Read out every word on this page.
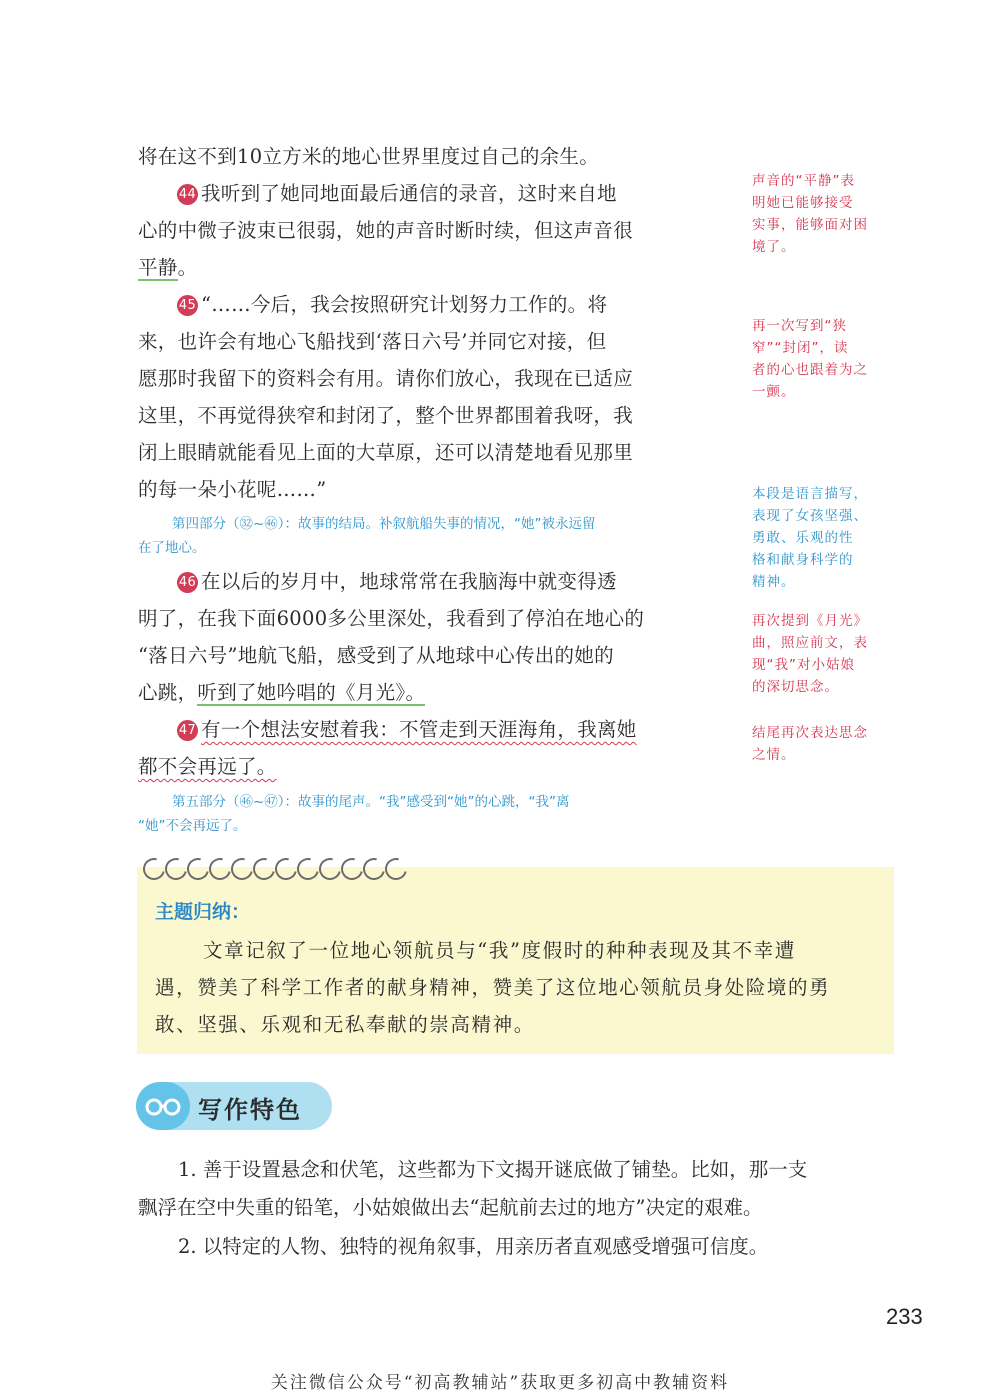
将在这不到10立方米的地心世界里度过自己的余生。
44 我听到了她同地面最后通信的录音，这时来自地
心的中微子波束已很弱，她的声音时断时续，但这声音很
平静。
45 “……今后，我会按照研究计划努力工作的。将
来，也许会有地心飞船找到‘落日六号’并同它对接，但
愿那时我留下的资料会有用。请你们放心，我现在已适应
这里，不再觉得狭窄和封闭了，整个世界都围着我呀，我
闭上眼睛就能看见上面的大草原，还可以清楚地看见那里
的每一朵小花呢……”
第四部分（㉜~㊻）：故事的结局。补叙航船失事的情况，“她”被永远留
在了地心。
46 在以后的岁月中，地球常常在我脑海中就变得透
明了，在我下面6000多公里深处，我看到了停泊在地心的
“落日六号”地航飞船，感受到了从地球中心传出的她的
心跳，听到了她吟唱的《月光》。
47 有一个想法安慰着我：不管走到天涯海角，我离她
都不会再远了。
第五部分（㊻~㊼）：故事的尾声。“我”感受到“她”的心跳，“我”离
“她”不会再远了。
声音的“平静”表
明她已能够接受
实事，能够面对困
境了。
再一次写到“狭
窄”“封闭”，读
者的心也跟着为之
一颤。
本段是语言描写，
表现了女孩坚强、
勇敢、乐观的性
格和献身科学的
精神。
再次提到《月光》
曲，照应前文，表
现“我”对小姑娘
的深切思念。
结尾再次表达思念
之情。
主题归纳：
文章记叙了一位地心领航员与“我”度假时的种种表现及其不幸遭
遇，赞美了科学工作者的献身精神，赞美了这位地心领航员身处险境的勇
敢、坚强、乐观和无私奉献的崇高精神。
写作特色
1. 善于设置悬念和伏笔，这些都为下文揭开谜底做了铺垫。比如，那一支
飘浮在空中失重的铅笔，小姑娘做出去“起航前去过的地方”决定的艰难。
2. 以特定的人物、独特的视角叙事，用亲历者直观感受增强可信度。
233
关注微信公众号“初高教辅站”获取更多初高中教辅资料
